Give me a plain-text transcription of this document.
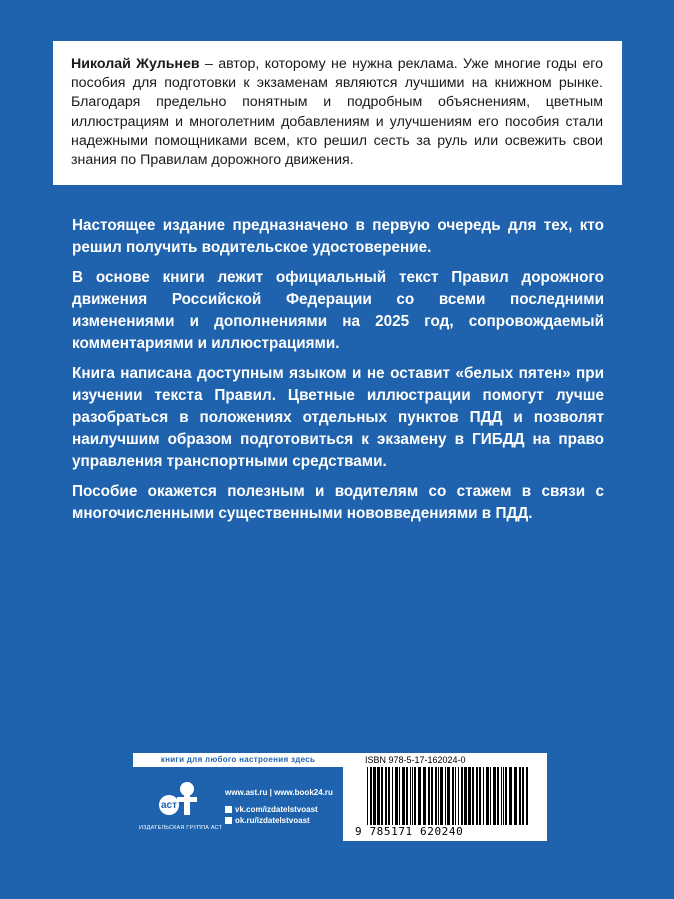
Николай Жульнев – автор, которому не нужна реклама. Уже многие годы его пособия для подготовки к экзаменам являются лучшими на книжном рынке. Благодаря предельно понятным и подробным объяснениям, цветным иллюстрациям и многолетним добавлениям и улучшениям его пособия стали надежными помощниками всем, кто решил сесть за руль или освежить свои знания по Правилам дорожного движения.

Настоящее издание предназначено в первую очередь для тех, кто решил получить водительское удостоверение.

В основе книги лежит официальный текст Правил дорожного движения Российской Федерации со всеми последними изменениями и дополнениями на 2025 год, сопровождаемый комментариями и иллюстрациями.

Книга написана доступным языком и не оставит «белых пятен» при изучении текста Правил. Цветные иллюстрации помогут лучше разобраться в положениях отдельных пунктов ПДД и позволят наилучшим образом подготовиться к экзамену в ГИБДД на право управления транспортными средствами.

Пособие окажется полезным и водителям со стажем в связи с многочисленными существенными нововведениями в ПДД.

книги для любого настроения здесь
аст
ИЗДАТЕЛЬСКАЯ ГРУППА АСТ
www.ast.ru | www.book24.ru
vk.com/izdatelstvoast
ok.ru/izdatelstvoast
ISBN 978-5-17-162024-0
9 785171 620240
